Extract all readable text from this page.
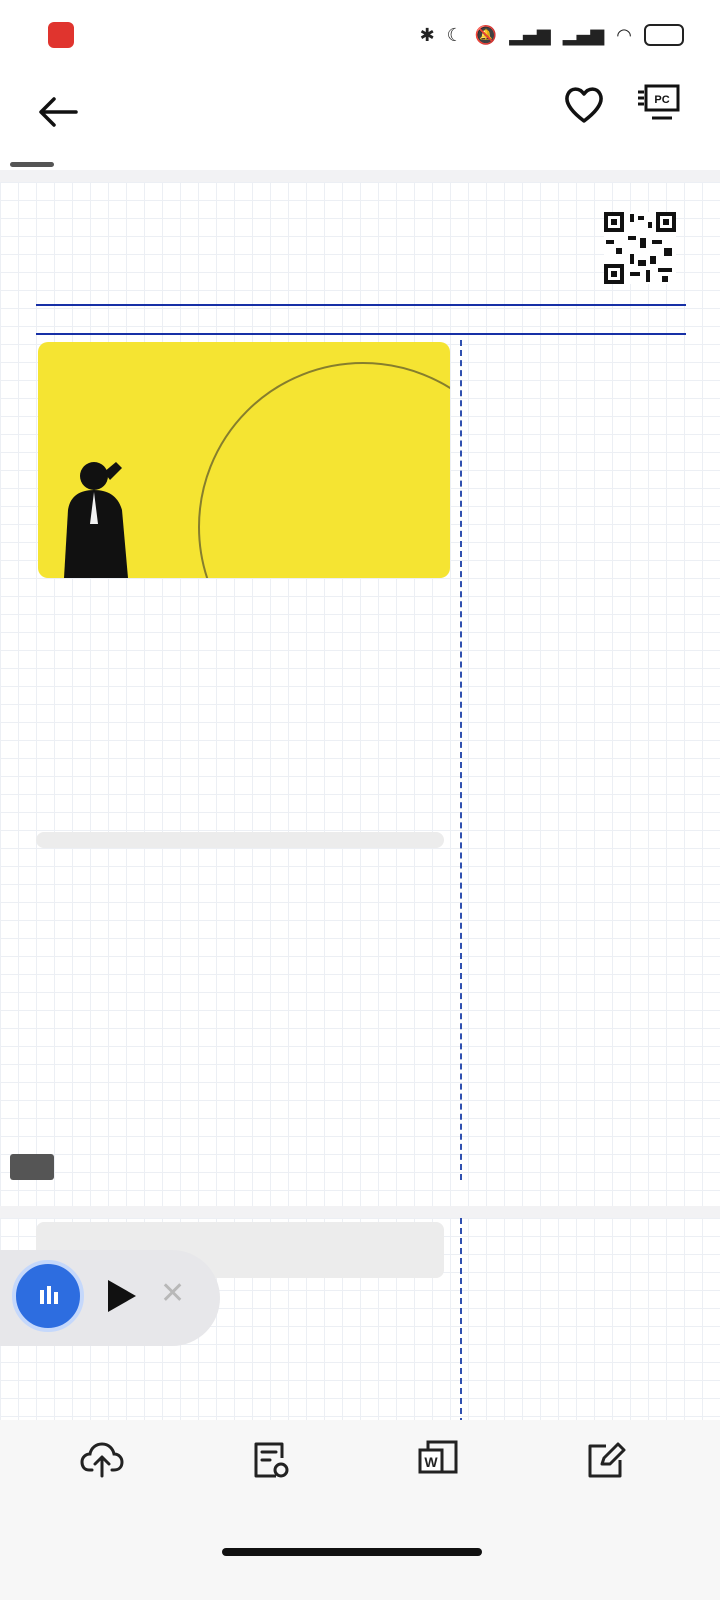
✱ ☾ 🔕 ▂▄▆ ▂▄▆ ◠
PC

✕
W
